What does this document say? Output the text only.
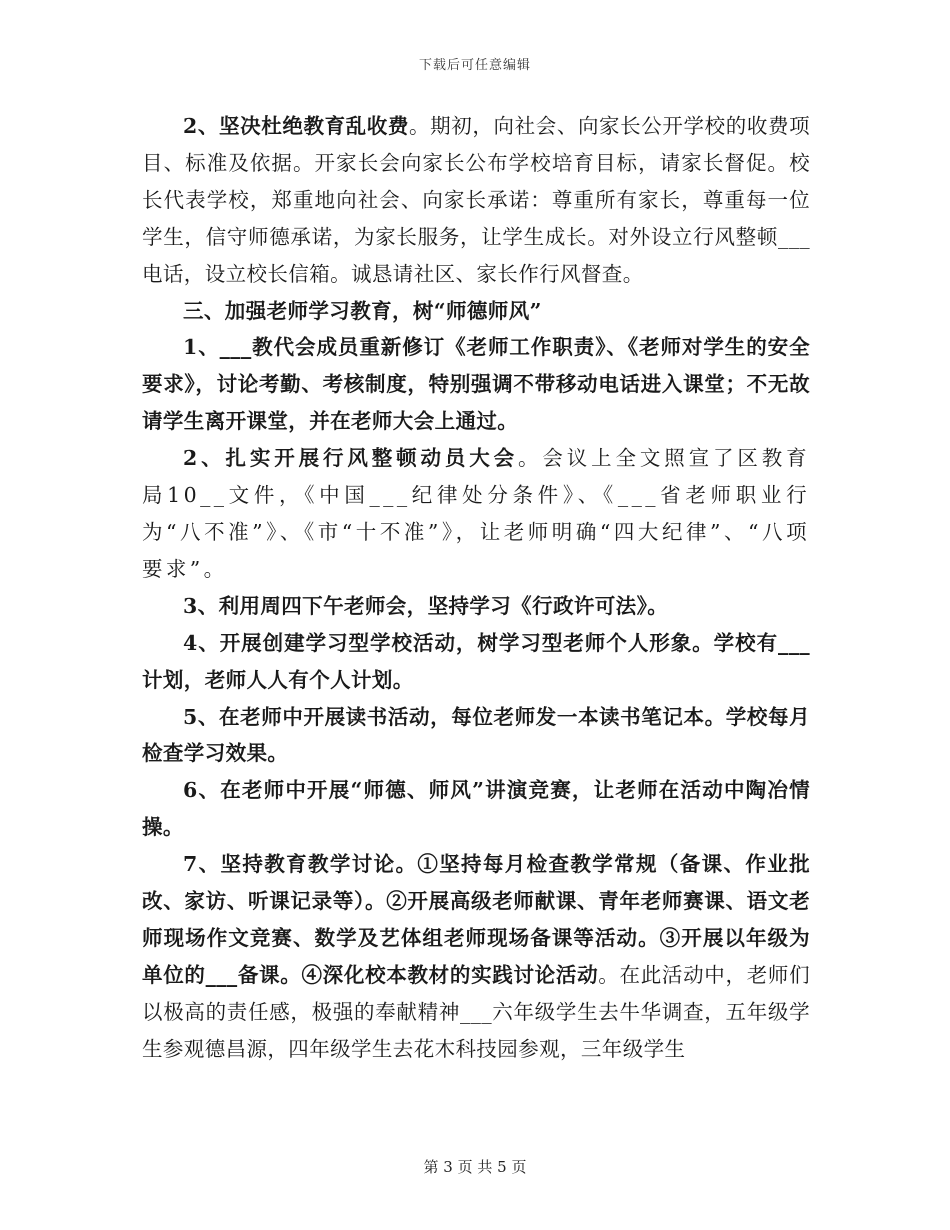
下载后可任意编辑

2、坚决杜绝教育乱收费。期初，向社会、向家长公开学校的收费项目、标准及依据。开家长会向家长公布学校培育目标，请家长督促。校长代表学校，郑重地向社会、向家长承诺：尊重所有家长，尊重每一位学生，信守师德承诺，为家长服务，让学生成长。对外设立行风整顿___电话，设立校长信箱。诚恳请社区、家长作行风督查。

三、加强老师学习教育，树“师德师风”

1、___教代会成员重新修订《老师工作职责》、《老师对学生的安全要求》，讨论考勤、考核制度，特别强调不带移动电话进入课堂；不无故请学生离开课堂，并在老师大会上通过。

2、扎实开展行风整顿动员大会。会议上全文照宣了区教育局10__文件，《中国___纪律处分条件》、《___省老师职业行为“八不准”》、《市“十不准”》，让老师明确“四大纪律”、“八项要求”。

3、利用周四下午老师会，坚持学习《行政许可法》。

4、开展创建学习型学校活动，树学习型老师个人形象。学校有___计划，老师人人有个人计划。

5、在老师中开展读书活动，每位老师发一本读书笔记本。学校每月检查学习效果。

6、在老师中开展“师德、师风”讲演竞赛，让老师在活动中陶冶情操。

7、坚持教育教学讨论。①坚持每月检查教学常规（备课、作业批改、家访、听课记录等）。②开展高级老师献课、青年老师赛课、语文老师现场作文竞赛、数学及艺体组老师现场备课等活动。③开展以年级为单位的___备课。④深化校本教材的实践讨论活动。在此活动中，老师们以极高的责任感，极强的奉献精神___六年级学生去牛华调查，五年级学生参观德昌源，四年级学生去花木科技园参观，三年级学生

第 3 页 共 5 页
